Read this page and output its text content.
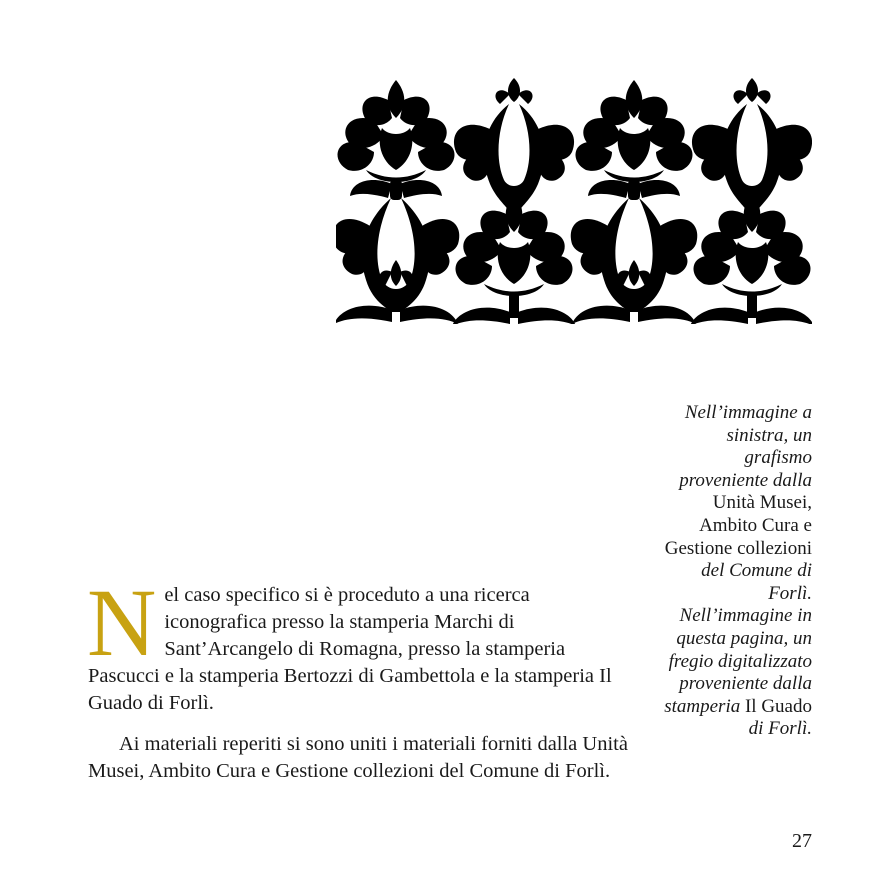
Nel caso specifico si è proceduto a una ricerca iconografica presso la stamperia Marchi di Sant’Arcangelo di Romagna, presso la stamperia Pascucci e la stamperia Bertozzi di Gambettola e la stamperia Il Guado di Forlì.

Ai materiali reperiti si sono uniti i materiali forniti dalla Unità Musei, Ambito Cura e Gestione collezioni del Comune di Forlì.

Nell’immagine a sinistra, un grafismo proveniente dalla Unità Musei, Ambito Cura e Gestione collezioni del Comune di Forlì. Nell’immagine in questa pagina, un fregio digitalizzato proveniente dalla stamperia Il Guado di Forlì.
27
